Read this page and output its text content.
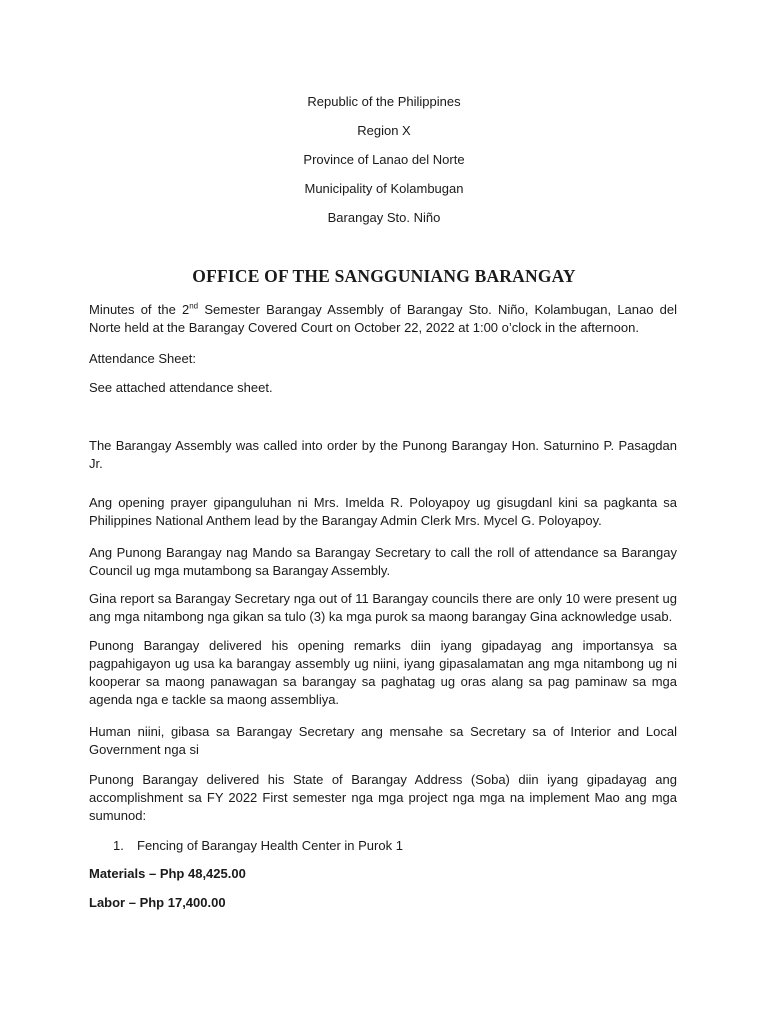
Republic of the Philippines
Region X
Province of Lanao del Norte
Municipality of Kolambugan
Barangay Sto. Niño
OFFICE OF THE SANGGUNIANG BARANGAY
Minutes of the 2nd Semester Barangay Assembly of Barangay Sto. Niño, Kolambugan, Lanao del Norte held at the Barangay Covered Court on October 22, 2022 at 1:00 o’clock in the afternoon.
Attendance Sheet:
See attached attendance sheet.
The Barangay Assembly was called into order by the Punong Barangay Hon. Saturnino P. Pasagdan Jr.
Ang opening prayer gipanguluhan ni Mrs. Imelda R. Poloyapoy ug gisugdanl kini sa pagkanta sa Philippines National Anthem lead by the Barangay Admin Clerk Mrs. Mycel G. Poloyapoy.
Ang Punong Barangay nag Mando sa Barangay Secretary to call the roll of attendance sa Barangay Council ug mga mutambong sa Barangay Assembly.
Gina report sa Barangay Secretary nga out of 11 Barangay councils there are only 10 were present ug ang mga nitambong nga gikan sa tulo (3) ka mga purok sa maong barangay Gina acknowledge usab.
Punong Barangay delivered his opening remarks diin iyang gipadayag ang importansya sa pagpahigayon ug usa ka barangay assembly ug niini, iyang gipasalamatan ang mga nitambong ug ni kooperar sa maong panawagan sa barangay sa paghatag ug oras alang sa pag paminaw sa mga agenda nga e tackle sa maong assembliya.
Human niini, gibasa sa Barangay Secretary ang mensahe sa Secretary sa of Interior and Local Government nga si
Punong Barangay delivered his State of Barangay Address (Soba) diin iyang gipadayag ang accomplishment sa FY 2022 First semester nga mga project nga mga na implement Mao ang mga sumunod:
1. Fencing of Barangay Health Center in Purok 1
Materials – Php 48,425.00
Labor – Php 17,400.00
